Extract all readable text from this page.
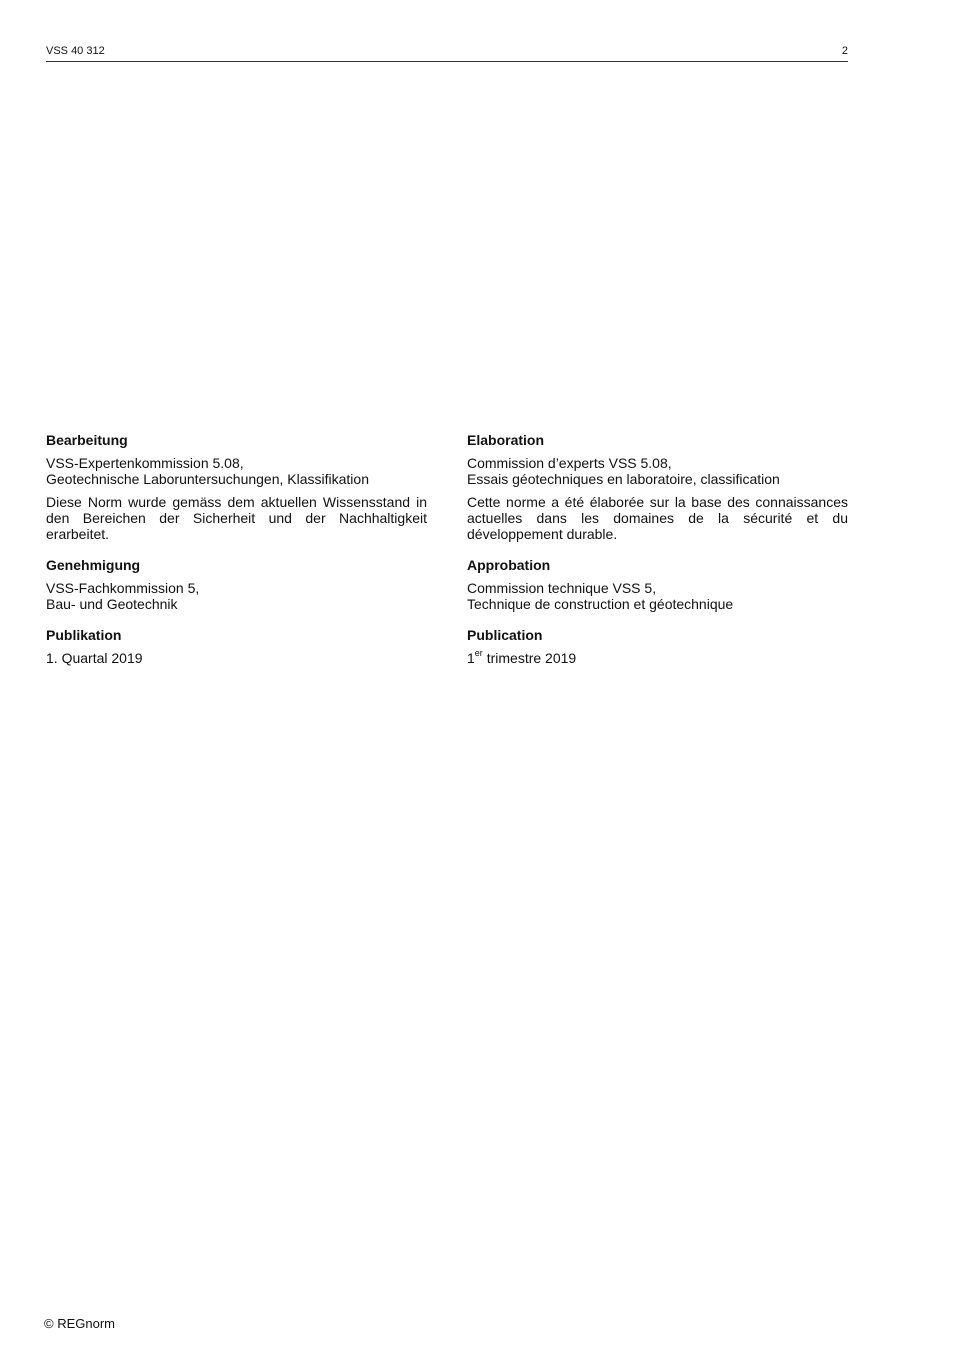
VSS 40 312	2
Bearbeitung
VSS-Expertenkommission 5.08,
Geotechnische Laboruntersuchungen, Klassifikation
Diese Norm wurde gemäss dem aktuellen Wissensstand in den Bereichen der Sicherheit und der Nachhaltigkeit erarbeitet.
Genehmigung
VSS-Fachkommission 5,
Bau- und Geotechnik
Publikation
1. Quartal 2019
Elaboration
Commission d’experts VSS 5.08,
Essais géotechniques en laboratoire, classification
Cette norme a été élaborée sur la base des connaissances actuelles dans les domaines de la sécurité et du développement durable.
Approbation
Commission technique VSS 5,
Technique de construction et géotechnique
Publication
1er trimestre 2019
© REGnorm
